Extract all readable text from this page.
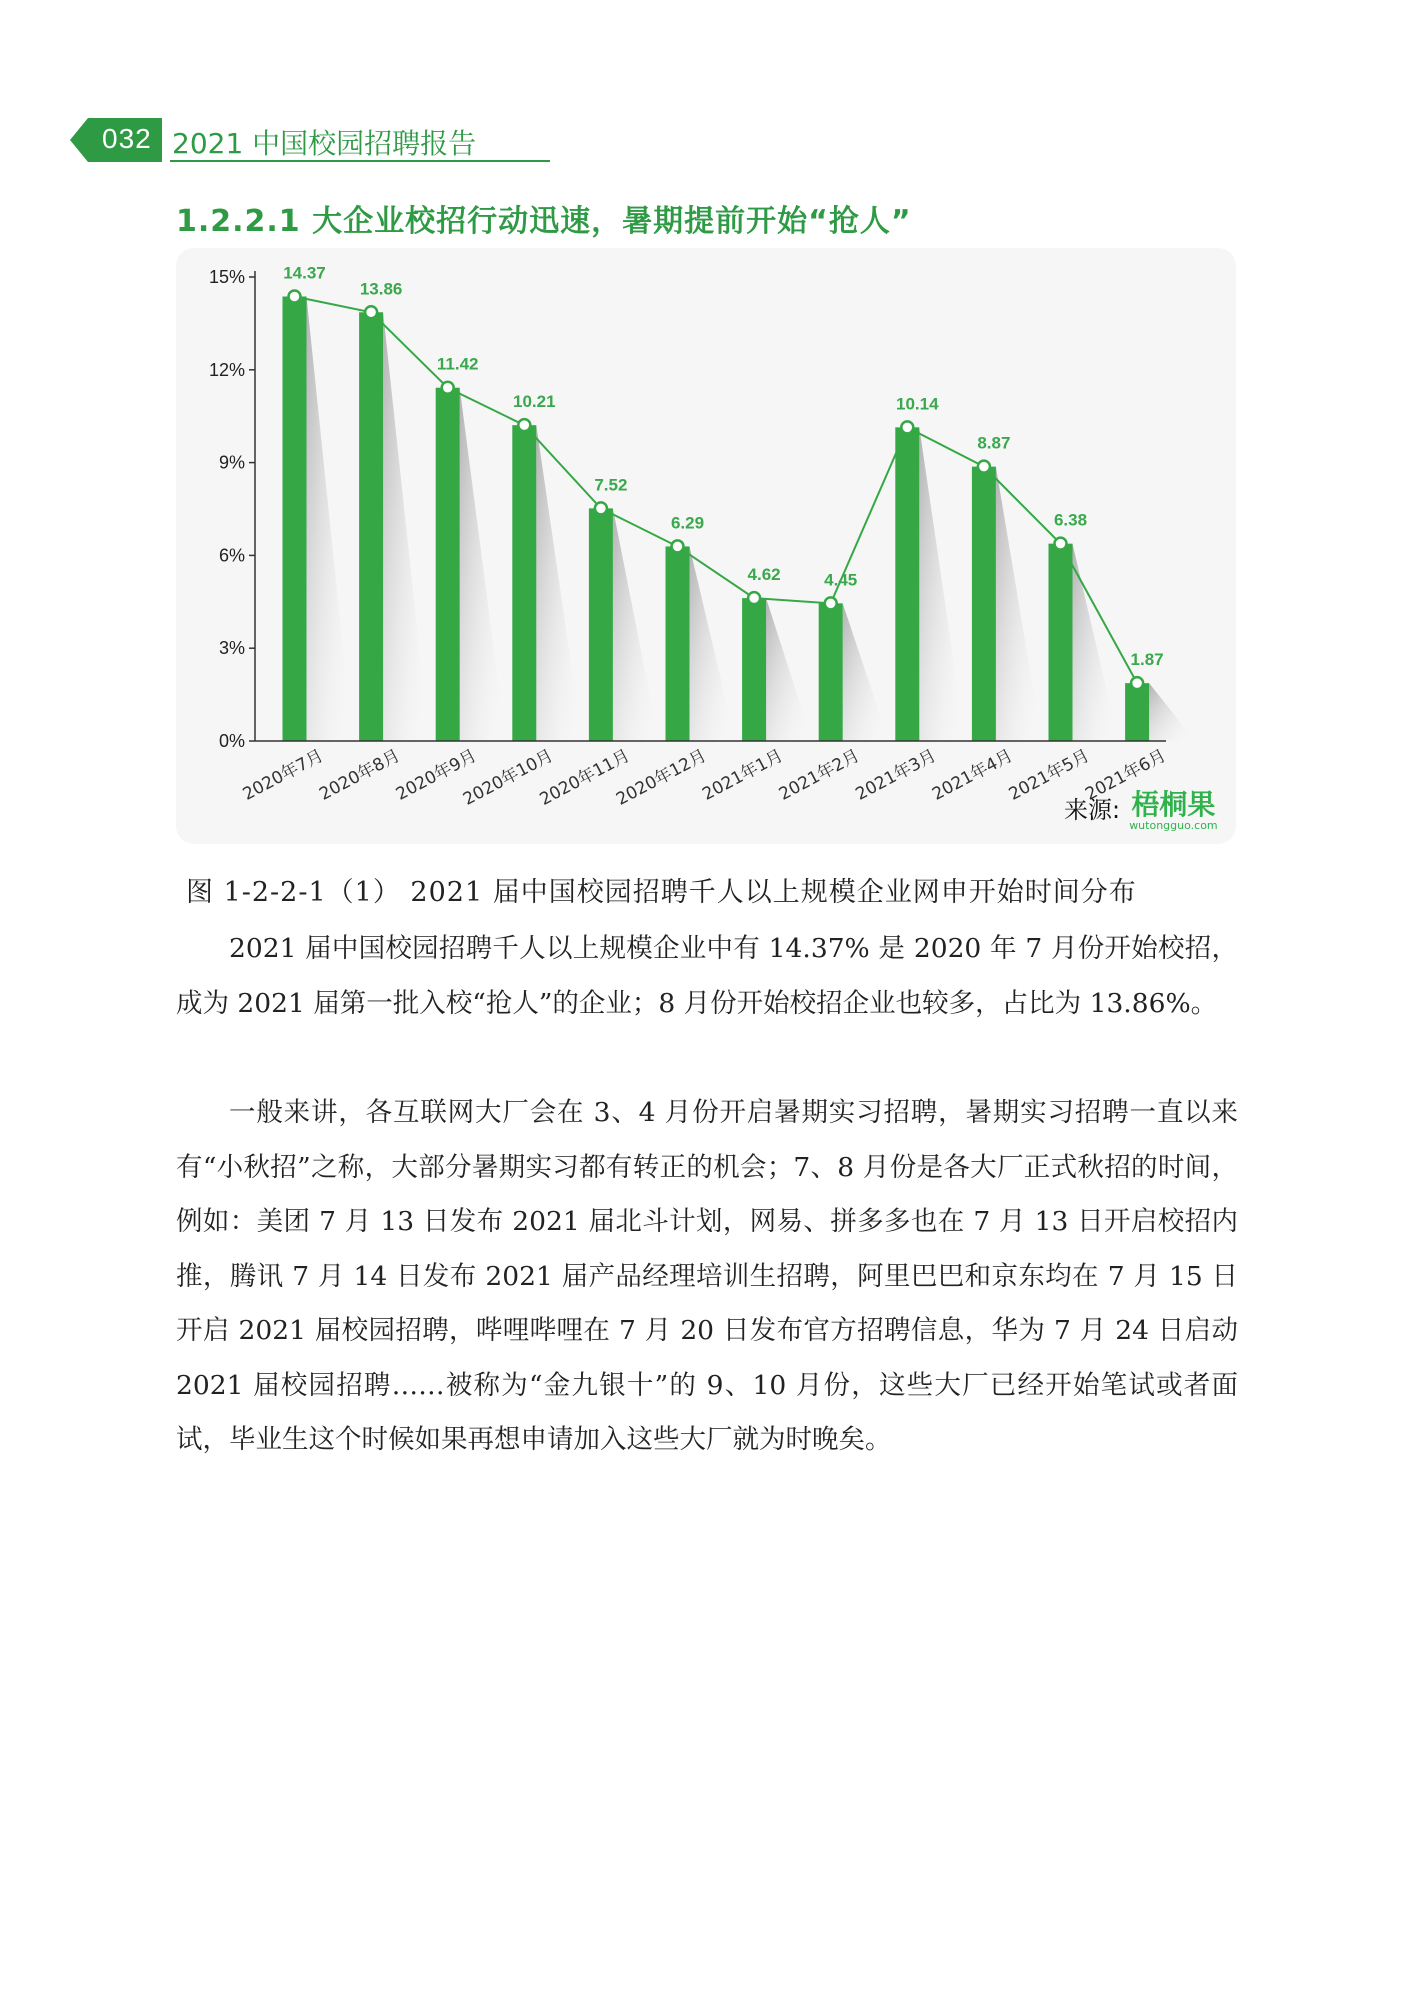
032 2021 中国校园招聘报告
1.2.2.1 大企业校招行动迅速，暑期提前开始“抢人”
0%
3%
6%
9%
12%
15% 14.37
13.86
11.42
10.21
7.52
6.29
4.62	4.45
10.14
8.87
6.38
1.87
2020年7月
2020年8月
2020年9月
2020年10月
2020年11月
2020年12月
2021年1月
2021年2月
2021年3月
2021年4月
2021年5月
2021年6月
来源: 梧桐果
wutongguo.com
图 1-2-2-1（1） 2021 届中国校园招聘千人以上规模企业网申开始时间分布

2021 届中国校园招聘千人以上规模企业中有 14.37% 是 2020 年 7 月份开始校招，成为 2021 届第一批入校“抢人”的企业；8 月份开始校招企业也较多，占比为 13.86%。

一般来讲，各互联网大厂会在 3、4 月份开启暑期实习招聘，暑期实习招聘一直以来有“小秋招”之称，大部分暑期实习都有转正的机会；7、8 月份是各大厂正式秋招的时间，例如：美团 7 月 13 日发布 2021 届北斗计划，网易、拼多多也在 7 月 13 日开启校招内推，腾讯 7 月 14 日发布 2021 届产品经理培训生招聘，阿里巴巴和京东均在 7 月 15 日开启 2021 届校园招聘，哔哩哔哩在 7 月 20 日发布官方招聘信息，华为 7 月 24 日启动 2021 届校园招聘……被称为“金九银十”的 9、10 月份，这些大厂已经开始笔试或者面试，毕业生这个时候如果再想申请加入这些大厂就为时晚矣。
